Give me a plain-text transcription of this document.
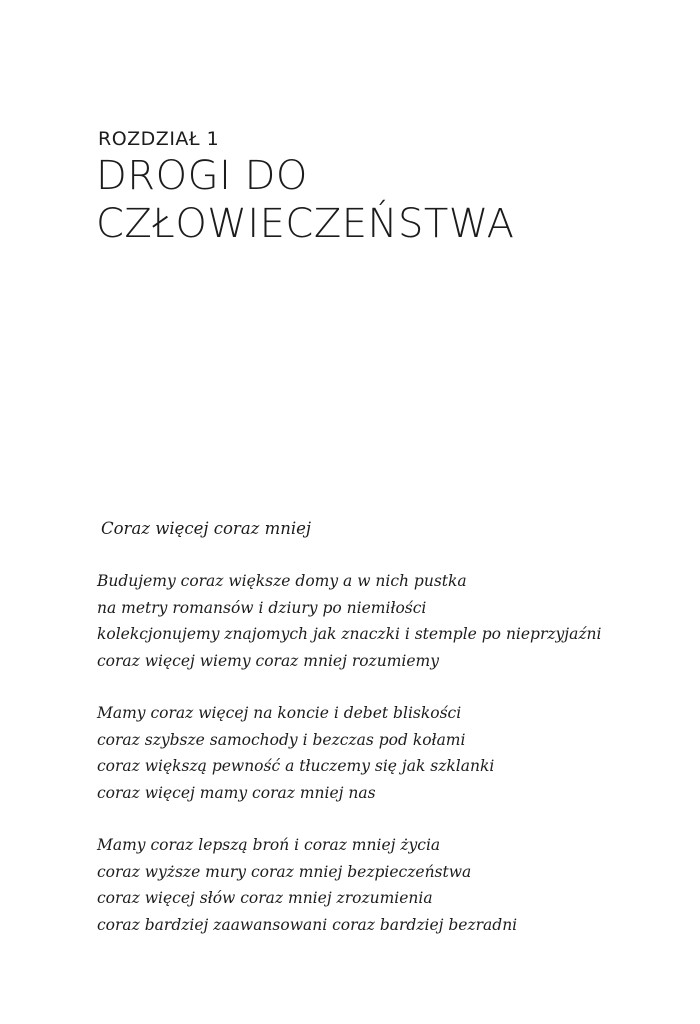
ROZDZIAŁ 1

DROGI DO
CZŁOWIECZEŃSTWA

Coraz więcej coraz mniej

Budujemy coraz większe domy a w nich pustka
na metry romansów i dziury po niemiłości
kolekcjonujemy znajomych jak znaczki i stemple po nieprzyjaźni
coraz więcej wiemy coraz mniej rozumiemy
Mamy coraz więcej na koncie i debet bliskości
coraz szybsze samochody i bezczas pod kołami
coraz większą pewność a tłuczemy się jak szklanki
coraz więcej mamy coraz mniej nas
Mamy coraz lepszą broń i coraz mniej życia
coraz wyższe mury coraz mniej bezpieczeństwa
coraz więcej słów coraz mniej zrozumienia
coraz bardziej zaawansowani coraz bardziej bezradni
